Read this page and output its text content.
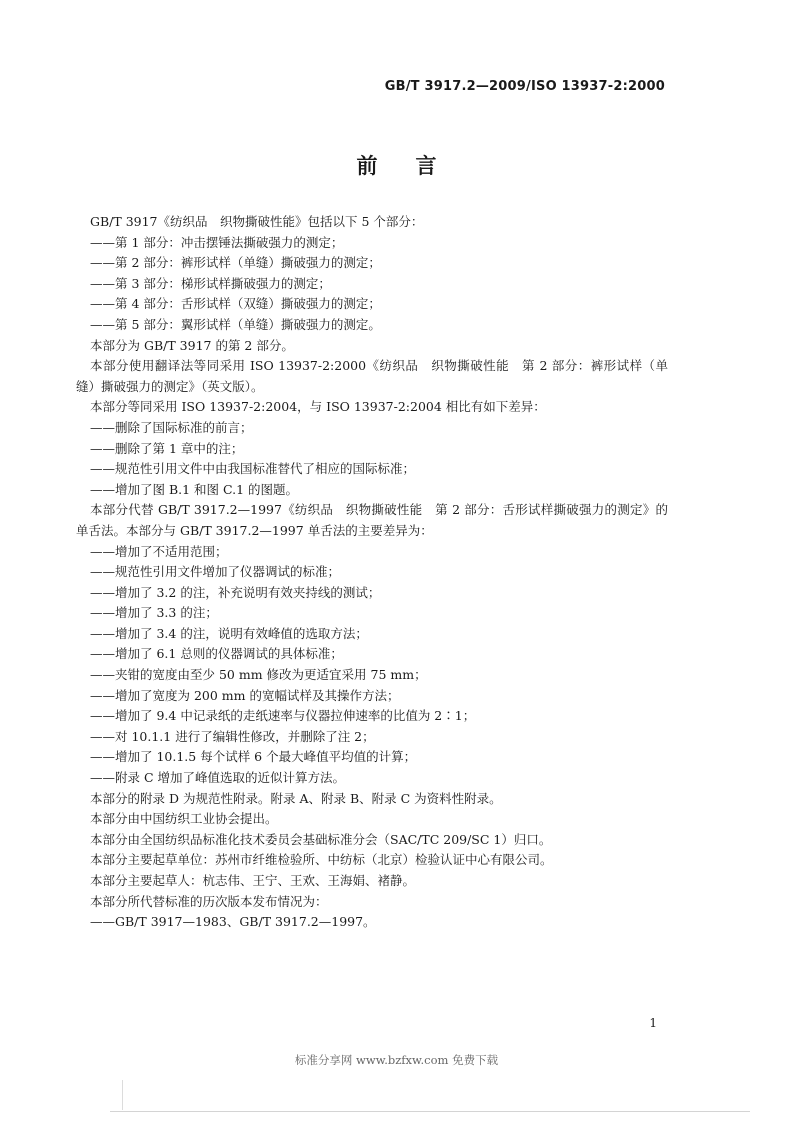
GB/T 3917.2—2009/ISO 13937-2:2000
前 言

GB/T 3917《纺织品　织物撕破性能》包括以下 5 个部分：

——第 1 部分：冲击摆锤法撕破强力的测定；

——第 2 部分：裤形试样（单缝）撕破强力的测定；

——第 3 部分：梯形试样撕破强力的测定；

——第 4 部分：舌形试样（双缝）撕破强力的测定；

——第 5 部分：翼形试样（单缝）撕破强力的测定。

本部分为 GB/T 3917 的第 2 部分。

本部分使用翻译法等同采用 ISO 13937-2:2000《纺织品　织物撕破性能　第 2 部分：裤形试样（单缝）撕破强力的测定》（英文版）。

本部分等同采用 ISO 13937-2:2004，与 ISO 13937-2:2004 相比有如下差异：

——删除了国际标准的前言；

——删除了第 1 章中的注；

——规范性引用文件中由我国标准替代了相应的国际标准；

——增加了图 B.1 和图 C.1 的图题。

本部分代替 GB/T 3917.2—1997《纺织品　织物撕破性能　第 2 部分：舌形试样撕破强力的测定》的单舌法。本部分与 GB/T 3917.2—1997 单舌法的主要差异为：

——增加了不适用范围；

——规范性引用文件增加了仪器调试的标准；

——增加了 3.2 的注，补充说明有效夹持线的测试；

——增加了 3.3 的注；

——增加了 3.4 的注，说明有效峰值的选取方法；

——增加了 6.1 总则的仪器调试的具体标准；

——夹钳的宽度由至少 50 mm 修改为更适宜采用 75 mm；

——增加了宽度为 200 mm 的宽幅试样及其操作方法；

——增加了 9.4 中记录纸的走纸速率与仪器拉伸速率的比值为 2∶1；

——对 10.1.1 进行了编辑性修改，并删除了注 2；

——增加了 10.1.5 每个试样 6 个最大峰值平均值的计算；

——附录 C 增加了峰值选取的近似计算方法。

本部分的附录 D 为规范性附录。附录 A、附录 B、附录 C 为资料性附录。

本部分由中国纺织工业协会提出。

本部分由全国纺织品标准化技术委员会基础标准分会（SAC/TC 209/SC 1）归口。

本部分主要起草单位：苏州市纤维检验所、中纺标（北京）检验认证中心有限公司。

本部分主要起草人：杭志伟、王宁、王欢、王海娟、褚静。

本部分所代替标准的历次版本发布情况为：

——GB/T 3917—1983、GB/T 3917.2—1997。

1
标准分享网 www.bzfxw.com 免费下载
